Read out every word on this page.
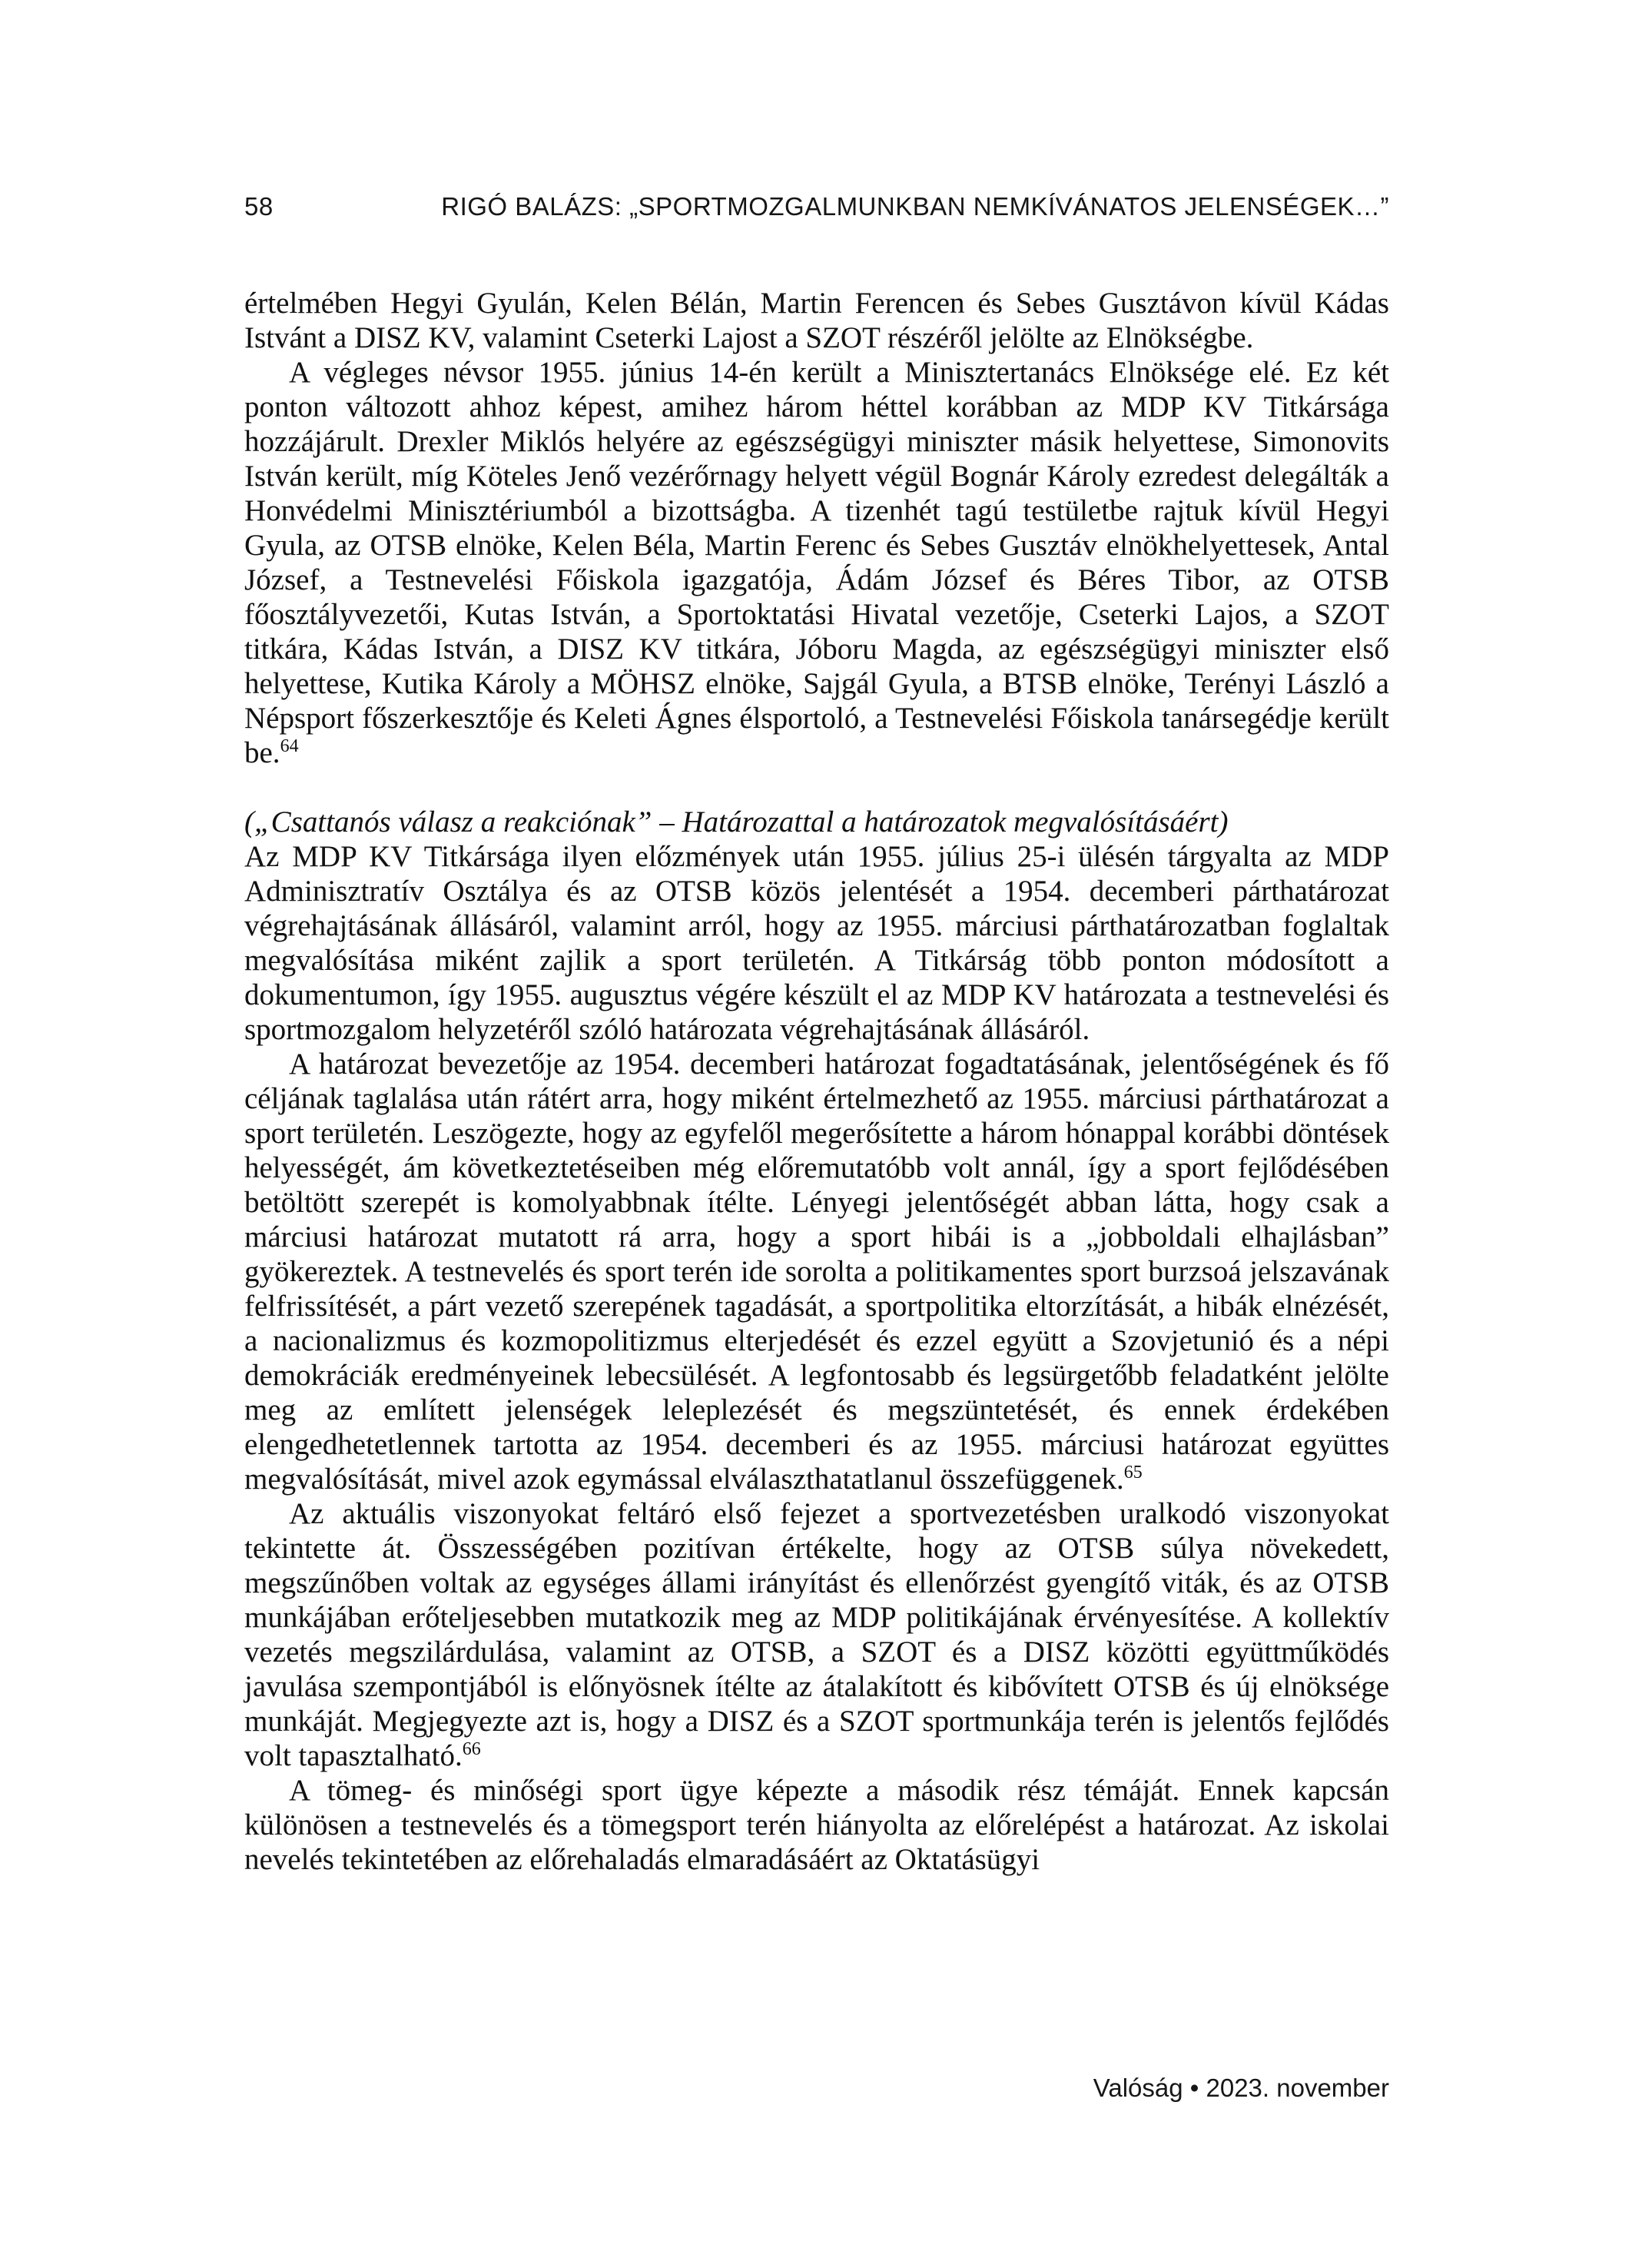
58	RIGÓ BALÁZS: „SPORTMOZGALMUNKBAN NEMKÍVÁNATOS JELENSÉGEK…”

értelmében Hegyi Gyulán, Kelen Bélán, Martin Ferencen és Sebes Gusztávon kívül Kádas Istvánt a DISZ KV, valamint Cseterki Lajost a SZOT részéről jelölte az Elnökségbe.

A végleges névsor 1955. június 14-én került a Minisztertanács Elnöksége elé. Ez két ponton változott ahhoz képest, amihez három héttel korábban az MDP KV Titkársága hozzájárult. Drexler Miklós helyére az egészségügyi miniszter másik helyettese, Simonovits István került, míg Köteles Jenő vezérőrnagy helyett végül Bognár Károly ezredest delegálták a Honvédelmi Minisztériumból a bizottságba. A tizenhét tagú testületbe rajtuk kívül Hegyi Gyula, az OTSB elnöke, Kelen Béla, Martin Ferenc és Sebes Gusztáv elnökhelyettesek, Antal József, a Testnevelési Főiskola igazgatója, Ádám József és Béres Tibor, az OTSB főosztályvezetői, Kutas István, a Sportoktatási Hivatal vezetője, Cseterki Lajos, a SZOT titkára, Kádas István, a DISZ KV titkára, Jóboru Magda, az egészségügyi miniszter első helyettese, Kutika Károly a MÖHSZ elnöke, Sajgál Gyula, a BTSB elnöke, Terényi László a Népsport főszerkesztője és Keleti Ágnes élsportoló, a Testnevelési Főiskola tanársegédje került be.$^{64}$

(„Csattanós válasz a reakciónak” – Határozattal a határozatok megvalósításáért)

Az MDP KV Titkársága ilyen előzmények után 1955. július 25-i ülésén tárgyalta az MDP Adminisztratív Osztálya és az OTSB közös jelentését a 1954. decemberi párthatározat végrehajtásának állásáról, valamint arról, hogy az 1955. márciusi párthatározatban foglaltak megvalósítása miként zajlik a sport területén. A Titkárság több ponton módosított a dokumentumon, így 1955. augusztus végére készült el az MDP KV határozata a testnevelési és sportmozgalom helyzetéről szóló határozata végrehajtásának állásáról.

A határozat bevezetője az 1954. decemberi határozat fogadtatásának, jelentőségének és fő céljának taglalása után rátért arra, hogy miként értelmezhető az 1955. márciusi párthatározat a sport területén. Leszögezte, hogy az egyfelől megerősítette a három hónappal korábbi döntések helyességét, ám következtetéseiben még előremutatóbb volt annál, így a sport fejlődésében betöltött szerepét is komolyabbnak ítélte. Lényegi jelentőségét abban látta, hogy csak a márciusi határozat mutatott rá arra, hogy a sport hibái is a „jobboldali elhajlásban” gyökereztek. A testnevelés és sport terén ide sorolta a politikamentes sport burzsoá jelszavának felfrissítését, a párt vezető szerepének tagadását, a sportpolitika eltorzítását, a hibák elnézését, a nacionalizmus és kozmopolitizmus elterjedését és ezzel együtt a Szovjetunió és a népi demokráciák eredményeinek lebecsülését. A legfontosabb és legsürgetőbb feladatként jelölte meg az említett jelenségek leleplezését és megszüntetését, és ennek érdekében elengedhetetlennek tartotta az 1954. decemberi és az 1955. márciusi határozat együttes megvalósítását, mivel azok egymással elválaszthatatlanul összefüggenek.$^{65}$

Az aktuális viszonyokat feltáró első fejezet a sportvezetésben uralkodó viszonyokat tekintette át. Összességében pozitívan értékelte, hogy az OTSB súlya növekedett, megszűnőben voltak az egységes állami irányítást és ellenőrzést gyengítő viták, és az OTSB munkájában erőteljesebben mutatkozik meg az MDP politikájának érvényesítése. A kollektív vezetés megszilárdulása, valamint az OTSB, a SZOT és a DISZ közötti együttműködés javulása szempontjából is előnyösnek ítélte az átalakított és kibővített OTSB és új elnöksége munkáját. Megjegyezte azt is, hogy a DISZ és a SZOT sportmunkája terén is jelentős fejlődés volt tapasztalható.$^{66}$

A tömeg- és minőségi sport ügye képezte a második rész témáját. Ennek kapcsán különösen a testnevelés és a tömegsport terén hiányolta az előrelépést a határozat. Az iskolai nevelés tekintetében az előrehaladás elmaradásáért az Oktatásügyi

Valóság • 2023. november
